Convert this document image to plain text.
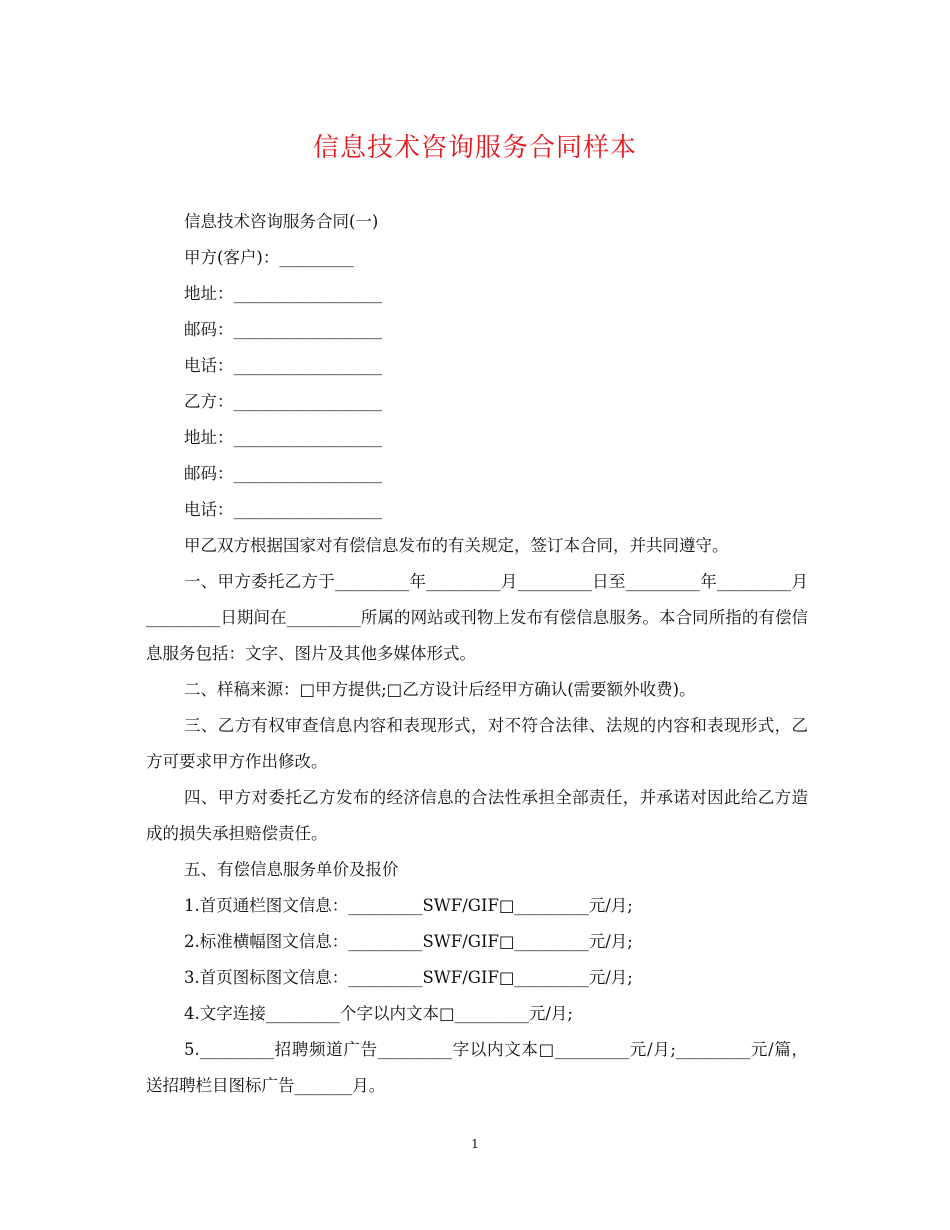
信息技术咨询服务合同样本
信息技术咨询服务合同(一)
甲方(客户)：_________
地址：__________________
邮码：__________________
电话：__________________
乙方：__________________
地址：__________________
邮码：__________________
电话：__________________
甲乙双方根据国家对有偿信息发布的有关规定，签订本合同，并共同遵守。
一、甲方委托乙方于_________年_________月_________日至_________年_________月_________日期间在_________所属的网站或刊物上发布有偿信息服务。本合同所指的有偿信息服务包括：文字、图片及其他多媒体形式。
二、样稿来源：□甲方提供;□乙方设计后经甲方确认(需要额外收费)。
三、乙方有权审查信息内容和表现形式，对不符合法律、法规的内容和表现形式，乙方可要求甲方作出修改。
四、甲方对委托乙方发布的经济信息的合法性承担全部责任，并承诺对因此给乙方造成的损失承担赔偿责任。
五、有偿信息服务单价及报价
1.首页通栏图文信息：_________SWF/GIF□_________元/月;
2.标准横幅图文信息：_________SWF/GIF□_________元/月;
3.首页图标图文信息：_________SWF/GIF□_________元/月;
4.文字连接_________个字以内文本□_________元/月;
5._________招聘频道广告_________字以内文本□_________元/月;_________元/篇，送招聘栏目图标广告_______月。
1
